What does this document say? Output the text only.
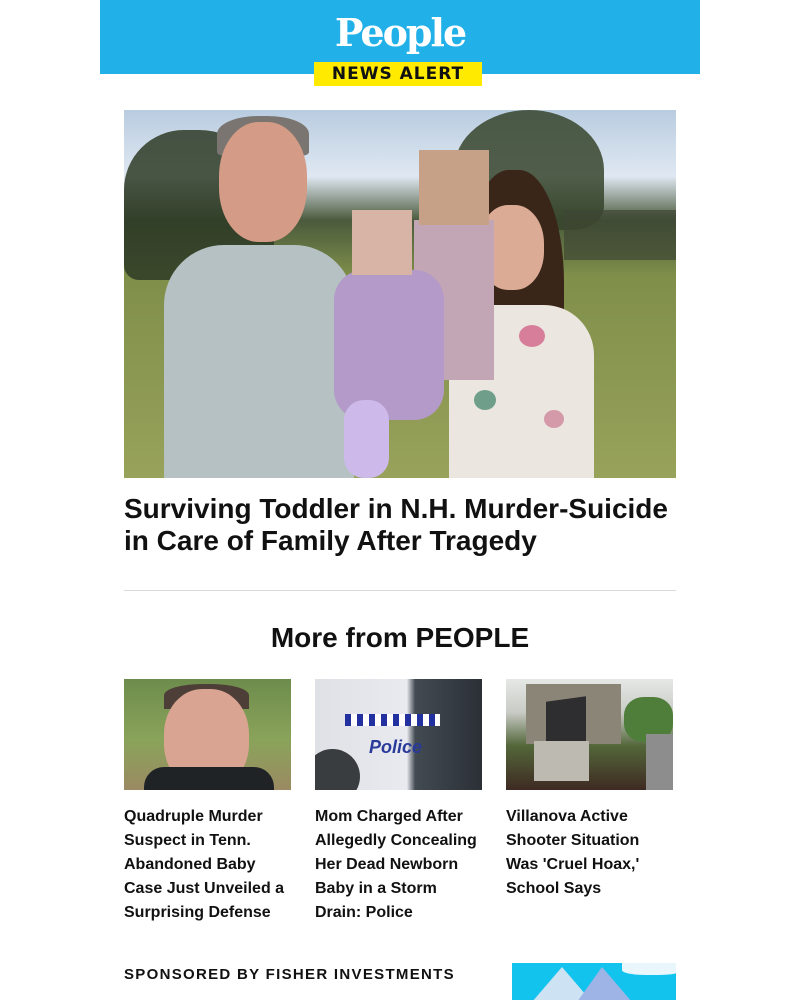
People
NEWS ALERT
Surviving Toddler in N.H. Murder-Suicide in Care of Family After Tragedy
More from PEOPLE
Quadruple Murder Suspect in Tenn. Abandoned Baby Case Just Unveiled a Surprising Defense
Police
Mom Charged After Allegedly Concealing Her Dead Newborn Baby in a Storm Drain: Police
Villanova Active Shooter Situation Was 'Cruel Hoax,' School Says
SPONSORED BY FISHER INVESTMENTS
